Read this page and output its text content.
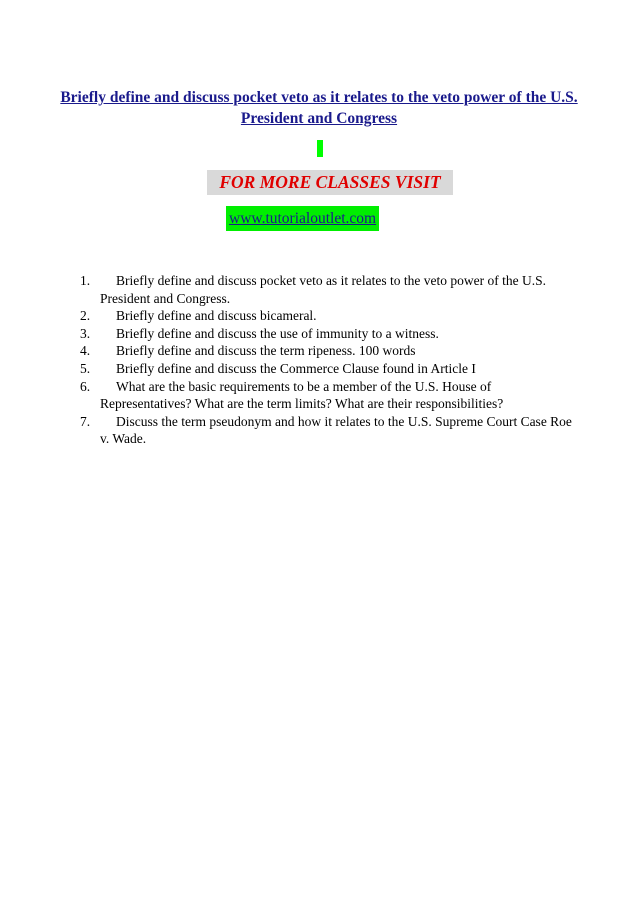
Briefly define and discuss pocket veto as it relates to the veto power of the U.S. President and Congress
FOR MORE CLASSES VISIT
www.tutorialoutlet.com
1.	Briefly define and discuss pocket veto as it relates to the veto power of the U.S. President and Congress.
2.	Briefly define and discuss bicameral.
3.	Briefly define and discuss the use of immunity to a witness.
4.	Briefly define and discuss the term ripeness. 100 words
5.	Briefly define and discuss the Commerce Clause found in Article I
6.	What are the basic requirements to be a member of the U.S. House of Representatives? What are the term limits? What are their responsibilities?
7.	Discuss the term pseudonym and how it relates to the U.S. Supreme Court Case Roe v. Wade.
